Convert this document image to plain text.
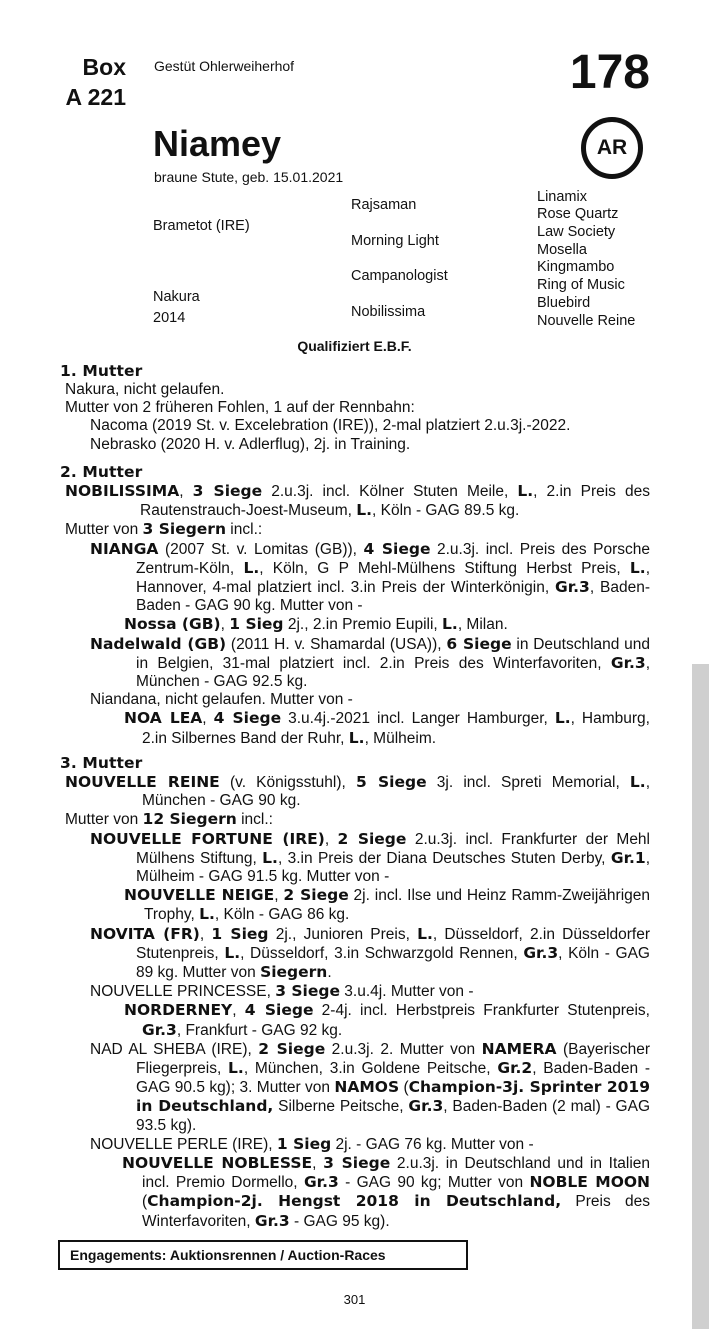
Box
A 221
Gestüt Ohlerweiherhof	178
Niamey	AR
braune Stute, geb. 15.01.2021
Brametot (IRE)
Nakura
2014
Rajsaman
Morning Light
Campanologist
Nobilissima
Linamix
Rose Quartz
Law Society
Mosella
Kingmambo
Ring of Music
Bluebird
Nouvelle Reine
Qualifiziert E.B.F.
1. Mutter
Nakura, nicht gelaufen.
Mutter von 2 früheren Fohlen, 1 auf der Rennbahn:
Nacoma (2019 St. v. Excelebration (IRE)), 2-mal platziert 2.u.3j.-2022.
Nebrasko (2020 H. v. Adlerflug), 2j. in Training.
2. Mutter
NOBILISSIMA, 3 Siege 2.u.3j. incl. Kölner Stuten Meile, L., 2.in Preis des Rautenstrauch-Joest-Museum, L., Köln - GAG 89.5 kg.
Mutter von 3 Siegern incl.:
NIANGA (2007 St. v. Lomitas (GB)), 4 Siege 2.u.3j. incl. Preis des Porsche Zentrum-Köln, L., Köln, G P Mehl-Mülhens Stiftung Herbst Preis, L., Hannover, 4-mal platziert incl. 3.in Preis der Winterkönigin, Gr.3, Baden-Baden - GAG 90 kg. Mutter von -
Nossa (GB), 1 Sieg 2j., 2.in Premio Eupili, L., Milan.
Nadelwald (GB) (2011 H. v. Shamardal (USA)), 6 Siege in Deutschland und in Belgien, 31-mal platziert incl. 2.in Preis des Winterfavoriten, Gr.3, München - GAG 92.5 kg.
Niandana, nicht gelaufen. Mutter von -
NOA LEA, 4 Siege 3.u.4j.-2021 incl. Langer Hamburger, L., Hamburg, 2.in Silbernes Band der Ruhr, L., Mülheim.
3. Mutter
NOUVELLE REINE (v. Königsstuhl), 5 Siege 3j. incl. Spreti Memorial, L., München - GAG 90 kg.
Mutter von 12 Siegern incl.:
NOUVELLE FORTUNE (IRE), 2 Siege 2.u.3j. incl. Frankfurter der Mehl Mülhens Stiftung, L., 3.in Preis der Diana Deutsches Stuten Derby, Gr.1, Mülheim - GAG 91.5 kg. Mutter von -
NOUVELLE NEIGE, 2 Siege 2j. incl. Ilse und Heinz Ramm-Zweijährigen Trophy, L., Köln - GAG 86 kg.
NOVITA (FR), 1 Sieg 2j., Junioren Preis, L., Düsseldorf, 2.in Düsseldorfer Stutenpreis, L., Düsseldorf, 3.in Schwarzgold Rennen, Gr.3, Köln - GAG 89 kg. Mutter von Siegern.
NOUVELLE PRINCESSE, 3 Siege 3.u.4j. Mutter von -
NORDERNEY, 4 Siege 2-4j. incl. Herbstpreis Frankfurter Stutenpreis, Gr.3, Frankfurt - GAG 92 kg.
NAD AL SHEBA (IRE), 2 Siege 2.u.3j. 2. Mutter von NAMERA (Bayerischer Fliegerpreis, L., München, 3.in Goldene Peitsche, Gr.2, Baden-Baden - GAG 90.5 kg); 3. Mutter von NAMOS (Champion-3j. Sprinter 2019 in Deutschland, Silberne Peitsche, Gr.3, Baden-Baden (2 mal) - GAG 93.5 kg).
NOUVELLE PERLE (IRE), 1 Sieg 2j. - GAG 76 kg. Mutter von -
NOUVELLE NOBLESSE, 3 Siege 2.u.3j. in Deutschland und in Italien incl. Premio Dormello, Gr.3 - GAG 90 kg; Mutter von NOBLE MOON (Champion-2j. Hengst 2018 in Deutschland, Preis des Winterfavoriten, Gr.3 - GAG 95 kg).
Engagements: Auktionsrennen / Auction-Races
301
